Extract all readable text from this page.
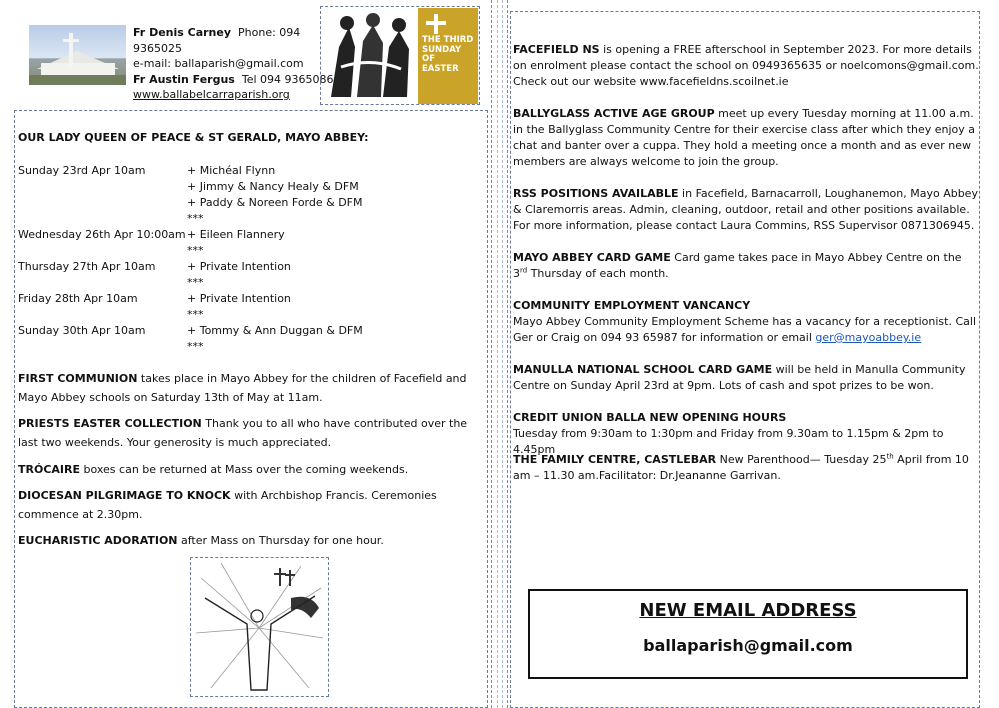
Fr Denis Carney Phone: 094 9365025
e-mail: ballaparish@gmail.com
Fr Austin Fergus Tel 094 9365086
www.ballabelcarraparish.org
THE THIRD SUNDAY OF EASTER
OUR LADY QUEEN OF PEACE & ST GERALD, MAYO ABBEY:
Sunday 23rd Apr 10am	+ Michéal Flynn
+ Jimmy & Nancy Healy & DFM
+ Paddy & Noreen Forde & DFM
***
Wednesday 26th Apr 10:00am + Eileen Flannery
***
Thursday 27th Apr 10am	+ Private Intention
***
Friday 28th Apr 10am	+ Private Intention
***
Sunday 30th Apr 10am	+ Tommy & Ann Duggan & DFM
***
FIRST COMMUNION takes place in Mayo Abbey for the children of Facefield and Mayo Abbey schools on Saturday 13th of May at 11am.
PRIESTS EASTER COLLECTION Thank you to all who have contributed over the last two weekends. Your generosity is much appreciated.
TRÓCAIRE boxes can be returned at Mass over the coming weekends.
DIOCESAN PILGRIMAGE TO KNOCK with Archbishop Francis. Ceremonies commence at 2.30pm.
EUCHARISTIC ADORATION after Mass on Thursday for one hour.
FACEFIELD NS is opening a FREE afterschool in September 2023. For more details on enrolment please contact the school on 0949365635 or noelcomons@gmail.com. Check out our website www.facefieldns.scoilnet.ie
BALLYGLASS ACTIVE AGE GROUP meet up every Tuesday morning at 11.00 a.m. in the Ballyglass Community Centre for their exercise class after which they enjoy a chat and banter over a cuppa. They hold a meeting once a month and as ever new members are always welcome to join the group.
RSS POSITIONS AVAILABLE in Facefield, Barnacarroll, Loughanemon, Mayo Abbey & Claremorris areas. Admin, cleaning, outdoor, retail and other positions available. For more information, please contact Laura Commins, RSS Supervisor 0871306945.
MAYO ABBEY CARD GAME Card game takes pace in Mayo Abbey Centre on the 3rd Thursday of each month.
COMMUNITY EMPLOYMENT VANCANCY
Mayo Abbey Community Employment Scheme has a vacancy for a receptionist. Call Ger or Craig on 094 93 65987 for information or email ger@mayoabbey.ie
MANULLA NATIONAL SCHOOL CARD GAME will be held in Manulla Community Centre on Sunday April 23rd at 9pm. Lots of cash and spot prizes to be won.
CREDIT UNION BALLA NEW OPENING HOURS
Tuesday from 9:30am to 1:30pm and Friday from 9.30am to 1.15pm & 2pm to 4.45pm
THE FAMILY CENTRE, CASTLEBAR New Parenthood— Tuesday 25th April from 10 am – 11.30 am.Facilitator: Dr.Jeananne Garrivan.
NEW EMAIL ADDRESS
ballaparish@gmail.com
